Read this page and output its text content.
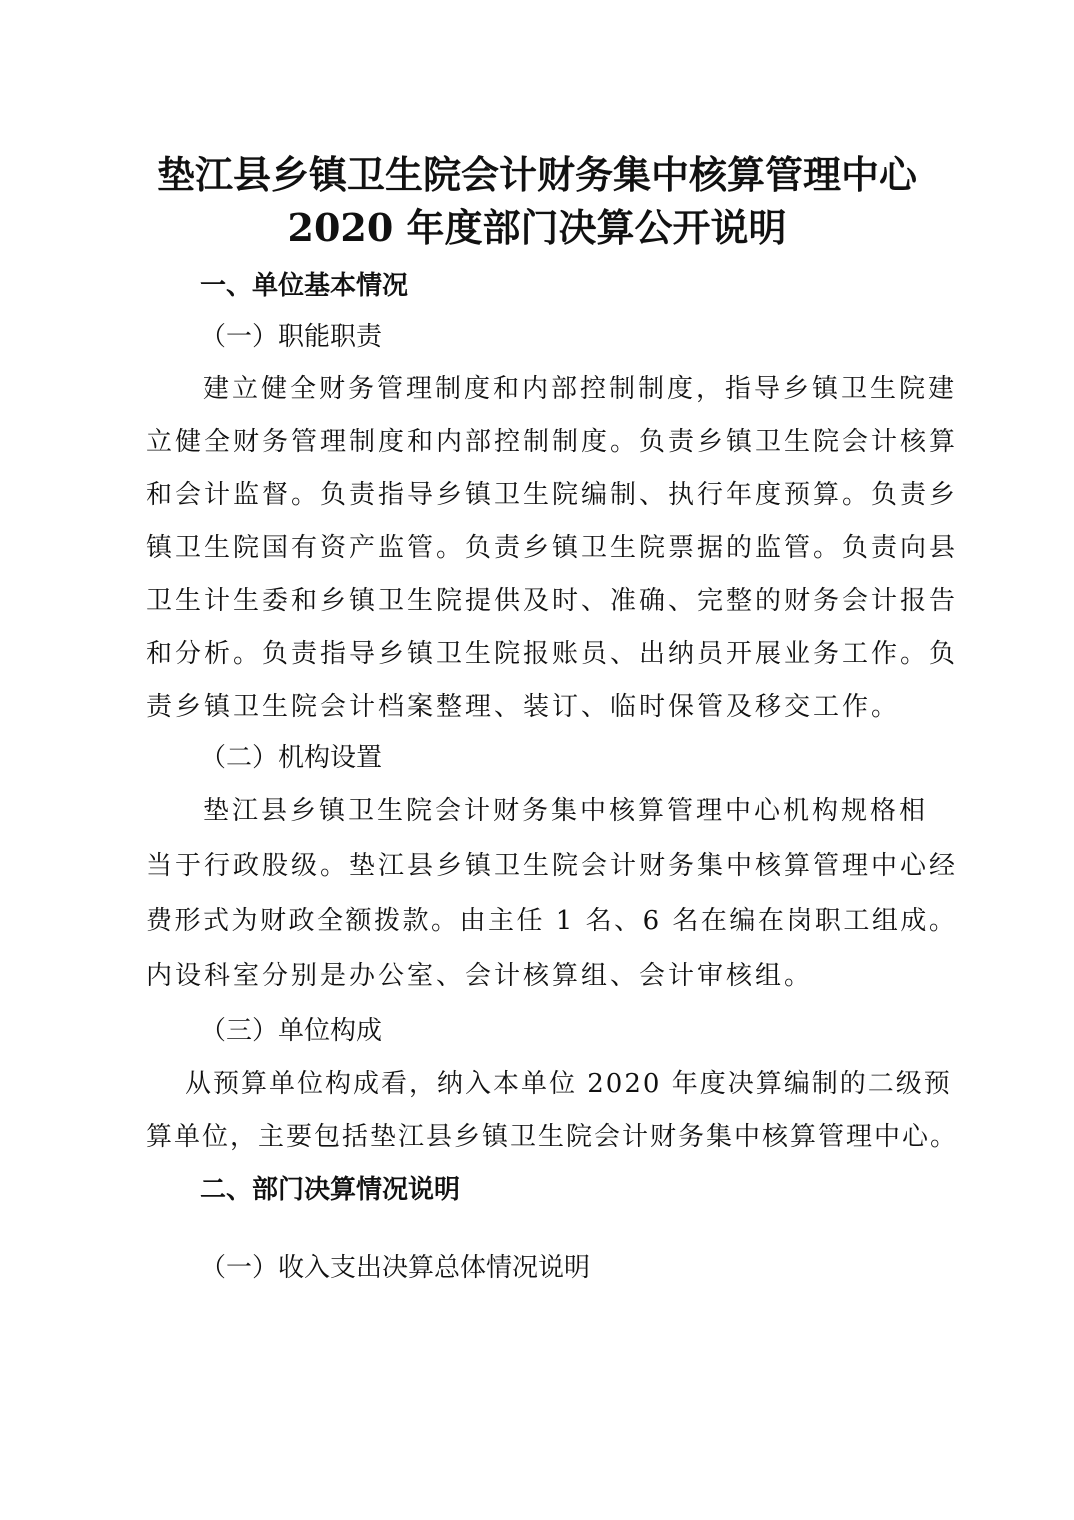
垫江县乡镇卫生院会计财务集中核算管理中心
2020 年度部门决算公开说明
一、单位基本情况
（一）职能职责
建立健全财务管理制度和内部控制制度，指导乡镇卫生院建
立健全财务管理制度和内部控制制度。负责乡镇卫生院会计核算
和会计监督。负责指导乡镇卫生院编制、执行年度预算。负责乡
镇卫生院国有资产监管。负责乡镇卫生院票据的监管。负责向县
卫生计生委和乡镇卫生院提供及时、准确、完整的财务会计报告
和分析。负责指导乡镇卫生院报账员、出纳员开展业务工作。负
责乡镇卫生院会计档案整理、装订、临时保管及移交工作。
（二）机构设置
垫江县乡镇卫生院会计财务集中核算管理中心机构规格相
当于行政股级。垫江县乡镇卫生院会计财务集中核算管理中心经
费形式为财政全额拨款。由主任 1 名、6 名在编在岗职工组成。
内设科室分别是办公室、会计核算组、会计审核组。
（三）单位构成
从预算单位构成看，纳入本单位 2020 年度决算编制的二级预
算单位，主要包括垫江县乡镇卫生院会计财务集中核算管理中心。
二、部门决算情况说明
（一）收入支出决算总体情况说明
